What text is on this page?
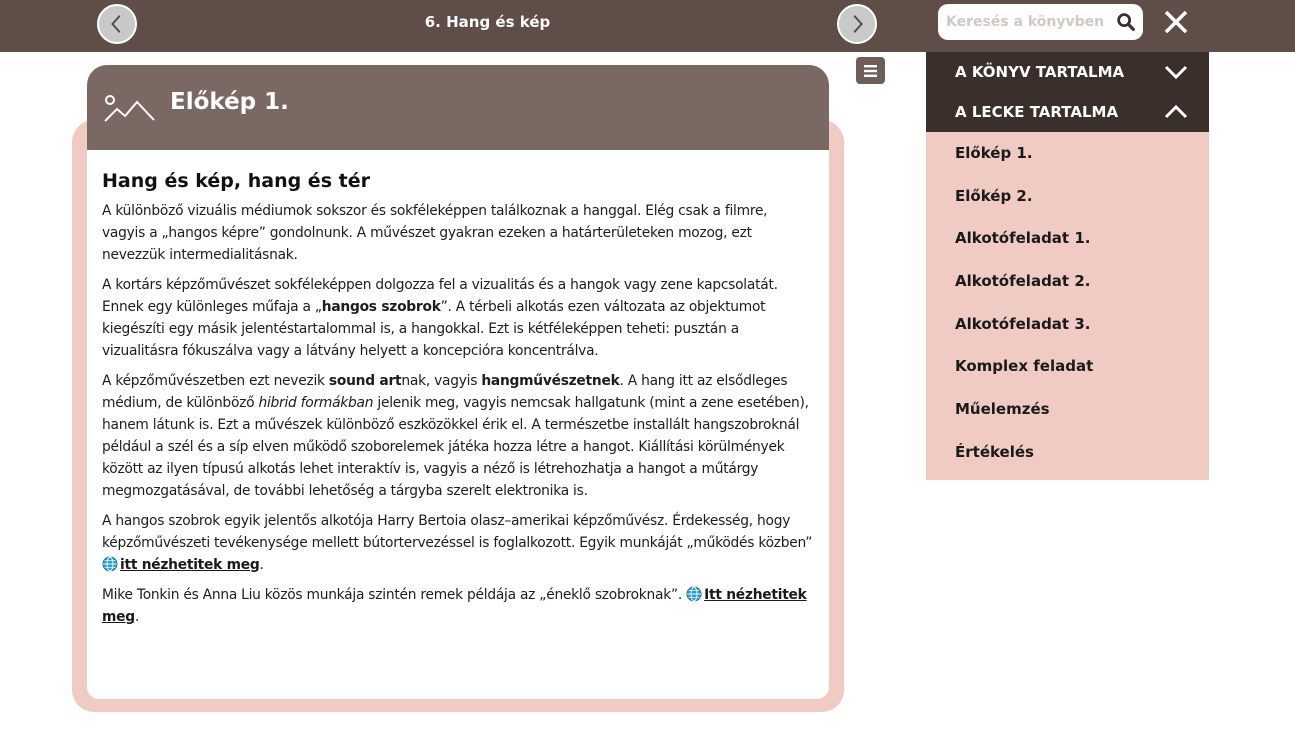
6. Hang és kép
Keresés a könyvben
Előkép 1.
Hang és kép, hang és tér

A különböző vizuális médiumok sokszor és sokféleképpen találkoznak a hanggal. Elég csak a filmre, vagyis a „hangos képre” gondolnunk. A művészet gyakran ezeken a határterületeken mozog, ezt nevezzük intermedialitásnak.

A kortárs képzőművészet sokféleképpen dolgozza fel a vizualitás és a hangok vagy zene kapcsolatát. Ennek egy különleges műfaja a „hangos szobrok”. A térbeli alkotás ezen változata az objektumot kiegészíti egy másik jelentéstartalommal is, a hangokkal. Ezt is kétféleképpen teheti: pusztán a vizualitásra fókuszálva vagy a látvány helyett a koncepcióra koncentrálva.

A képzőművészetben ezt nevezik sound artnak, vagyis hangművészetnek. A hang itt az elsődleges médium, de különböző hibrid formákban jelenik meg, vagyis nemcsak hallgatunk (mint a zene esetében), hanem látunk is. Ezt a művészek különböző eszközökkel érik el. A természetbe installált hangszobroknál például a szél és a síp elven működő szoborelemek játéka hozza létre a hangot. Kiállítási körülmények között az ilyen típusú alkotás lehet interaktív is, vagyis a néző is létrehozhatja a hangot a műtárgy megmozgatásával, de további lehetőség a tárgyba szerelt elektronika is.

A hangos szobrok egyik jelentős alkotója Harry Bertoia olasz–amerikai képzőművész. Érdekesség, hogy képzőművészeti tevékenysége mellett bútortervezéssel is foglalkozott. Egyik munkáját „működés közben” itt nézhetitek meg.

Mike Tonkin és Anna Liu közös munkája szintén remek példája az „éneklő szobroknak”. Itt nézhetitek meg.

A KÖNYV TARTALMA
A LECKE TARTALMA
Előkép 1.
Előkép 2.
Alkotófeladat 1.
Alkotófeladat 2.
Alkotófeladat 3.
Komplex feladat
Műelemzés
Értékelés
